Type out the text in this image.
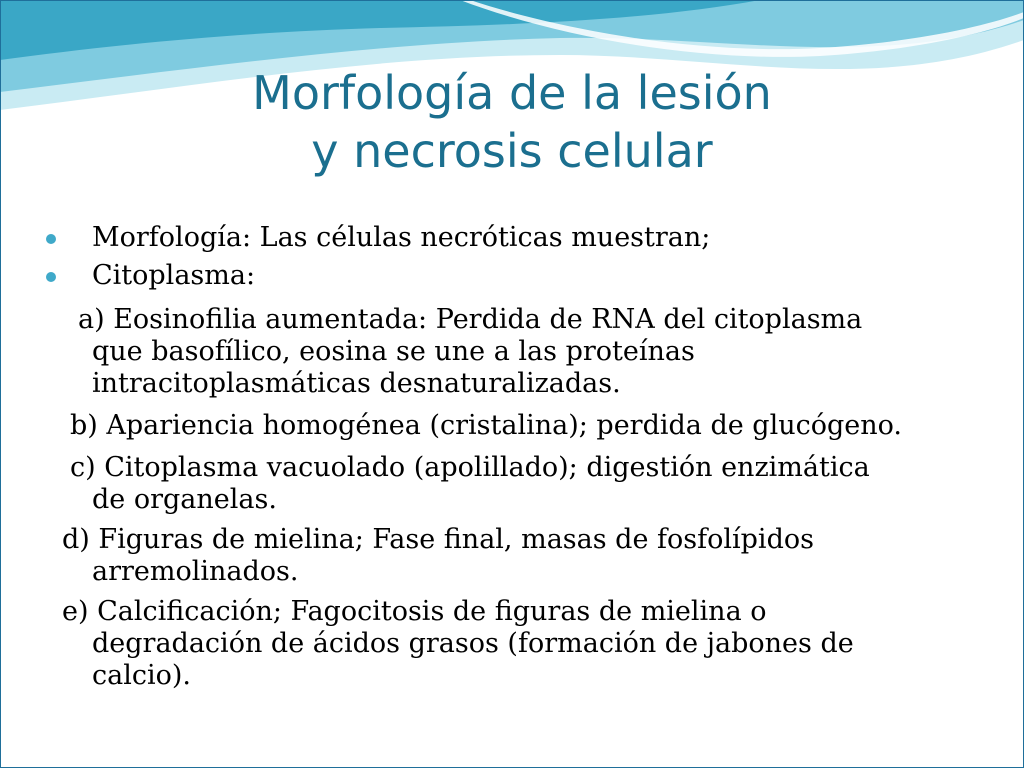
Morfología de la lesión
y necrosis celular

Morfología: Las células necróticas muestran;

Citoplasma:

a) Eosinofilia aumentada: Perdida de RNA del citoplasma
que basofílico, eosina se une a las proteínas
intracitoplasmáticas desnaturalizadas.
b) Apariencia homogénea (cristalina); perdida de glucógeno.
c) Citoplasma vacuolado (apolillado); digestión enzimática
de organelas.
d) Figuras de mielina; Fase final, masas de fosfolípidos
arremolinados.
e) Calcificación; Fagocitosis de figuras de mielina o
degradación de ácidos grasos (formación de jabones de
calcio).
